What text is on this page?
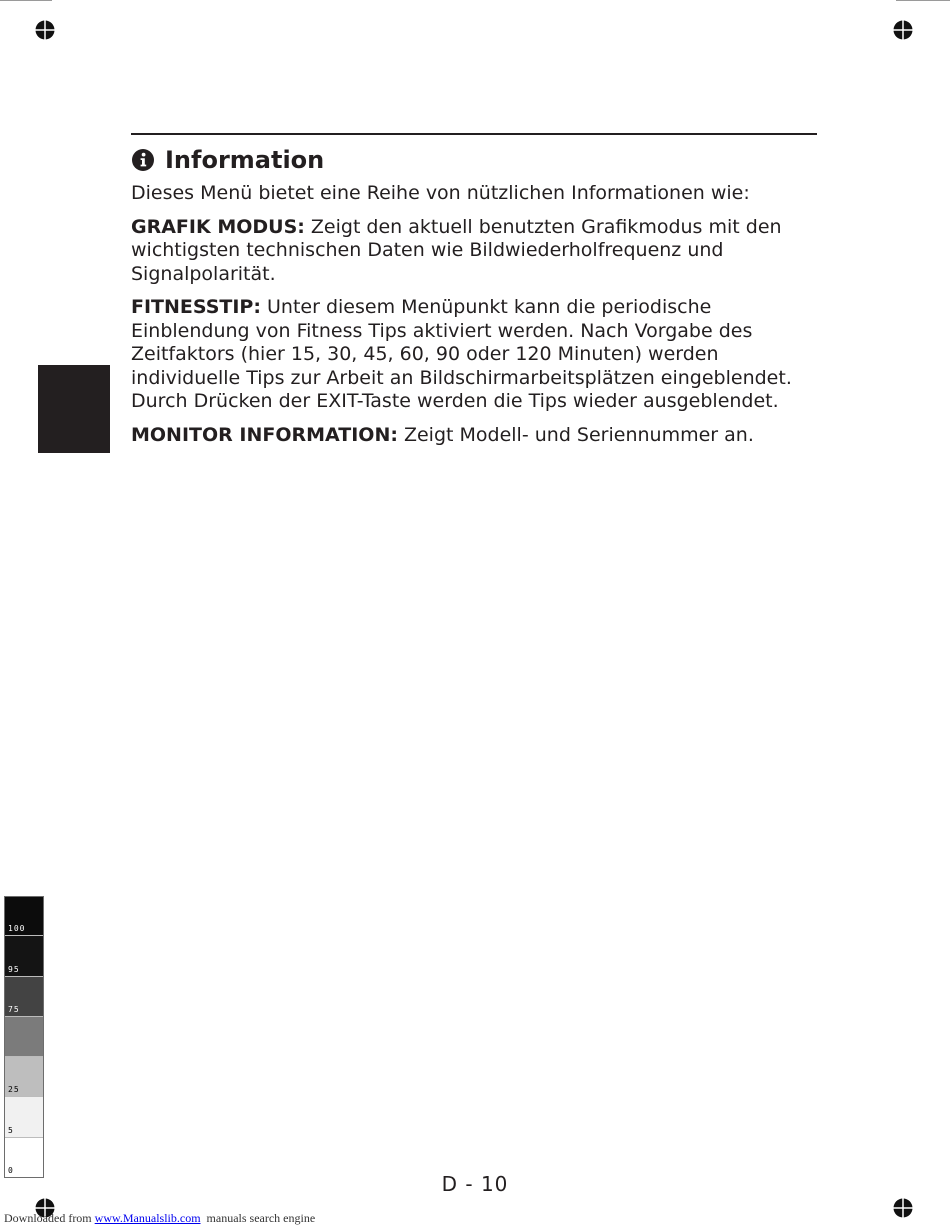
Information

Dieses Menü bietet eine Reihe von nützlichen Informationen wie:

GRAFIK MODUS: Zeigt den aktuell benutzten Grafikmodus mit den wichtigsten technischen Daten wie Bildwiederholfrequenz und Signalpolarität.

FITNESSTIP: Unter diesem Menüpunkt kann die periodische Einblendung von Fitness Tips aktiviert werden. Nach Vorgabe des Zeitfaktors (hier 15, 30, 45, 60, 90 oder 120 Minuten) werden individuelle Tips zur Arbeit an Bildschirmarbeitsplätzen eingeblendet. Durch Drücken der EXIT-Taste werden die Tips wieder ausgeblendet.

MONITOR INFORMATION: Zeigt Modell- und Seriennummer an.

100
95
75
25
5
0
D - 10
Downloaded from www.Manualslib.com  manuals search engine
